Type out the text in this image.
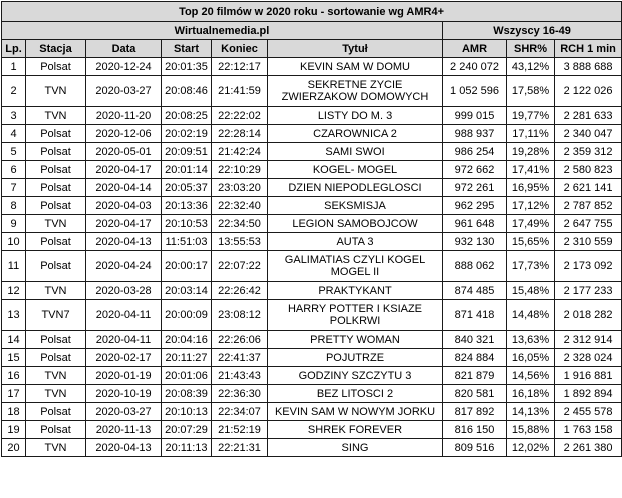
Top 20 filmów w 2020 roku - sortowanie wg AMR4+								
Wirtualnemedia.pl						Wszyscy 16-49		
Lp.	Stacja	Data	Start	Koniec	Tytuł	AMR	SHR%	RCH 1 min
1	Polsat	2020-12-24	20:01:35	22:12:17	KEVIN SAM W DOMU	2 240 072	43,12%	3 888 688
2	TVN	2020-03-27	20:08:46	21:41:59	SEKRETNE ZYCIE ZWIERZAKOW DOMOWYCH	1 052 596	17,58%	2 122 026
3	TVN	2020-11-20	20:08:25	22:22:02	LISTY DO M. 3	999 015	19,77%	2 281 633
4	Polsat	2020-12-06	20:02:19	22:28:14	CZAROWNICA 2	988 937	17,11%	2 340 047
5	Polsat	2020-05-01	20:09:51	21:42:24	SAMI SWOI	986 254	19,28%	2 359 312
6	Polsat	2020-04-17	20:01:14	22:10:29	KOGEL- MOGEL	972 662	17,41%	2 580 823
7	Polsat	2020-04-14	20:05:37	23:03:20	DZIEN NIEPODLEGLOSCI	972 261	16,95%	2 621 141
8	Polsat	2020-04-03	20:13:36	22:32:40	SEKSMISJA	962 295	17,12%	2 787 852
9	TVN	2020-04-17	20:10:53	22:34:50	LEGION SAMOBOJCOW	961 648	17,49%	2 647 755
10	Polsat	2020-04-13	11:51:03	13:55:53	AUTA 3	932 130	15,65%	2 310 559
11	Polsat	2020-04-24	20:00:17	22:07:22	GALIMATIAS CZYLI KOGEL MOGEL II	888 062	17,73%	2 173 092
12	TVN	2020-03-28	20:03:14	22:26:42	PRAKTYKANT	874 485	15,48%	2 177 233
13	TVN7	2020-04-11	20:00:09	23:08:12	HARRY POTTER I KSIAZE POLKRWI	871 418	14,48%	2 018 282
14	Polsat	2020-04-11	20:04:16	22:26:06	PRETTY WOMAN	840 321	13,63%	2 312 914
15	Polsat	2020-02-17	20:11:27	22:41:37	POJUTRZE	824 884	16,05%	2 328 024
16	TVN	2020-01-19	20:01:06	21:43:43	GODZINY SZCZYTU 3	821 879	14,56%	1 916 881
17	TVN	2020-10-19	20:08:39	22:36:30	BEZ LITOSCI 2	820 581	16,18%	1 892 894
18	Polsat	2020-03-27	20:10:13	22:34:07	KEVIN SAM W NOWYM JORKU	817 892	14,13%	2 455 578
19	Polsat	2020-11-13	20:07:29	21:52:19	SHREK FOREVER	816 150	15,88%	1 763 158
20	TVN	2020-04-13	20:11:13	22:21:31	SING	809 516	12,02%	2 261 380
